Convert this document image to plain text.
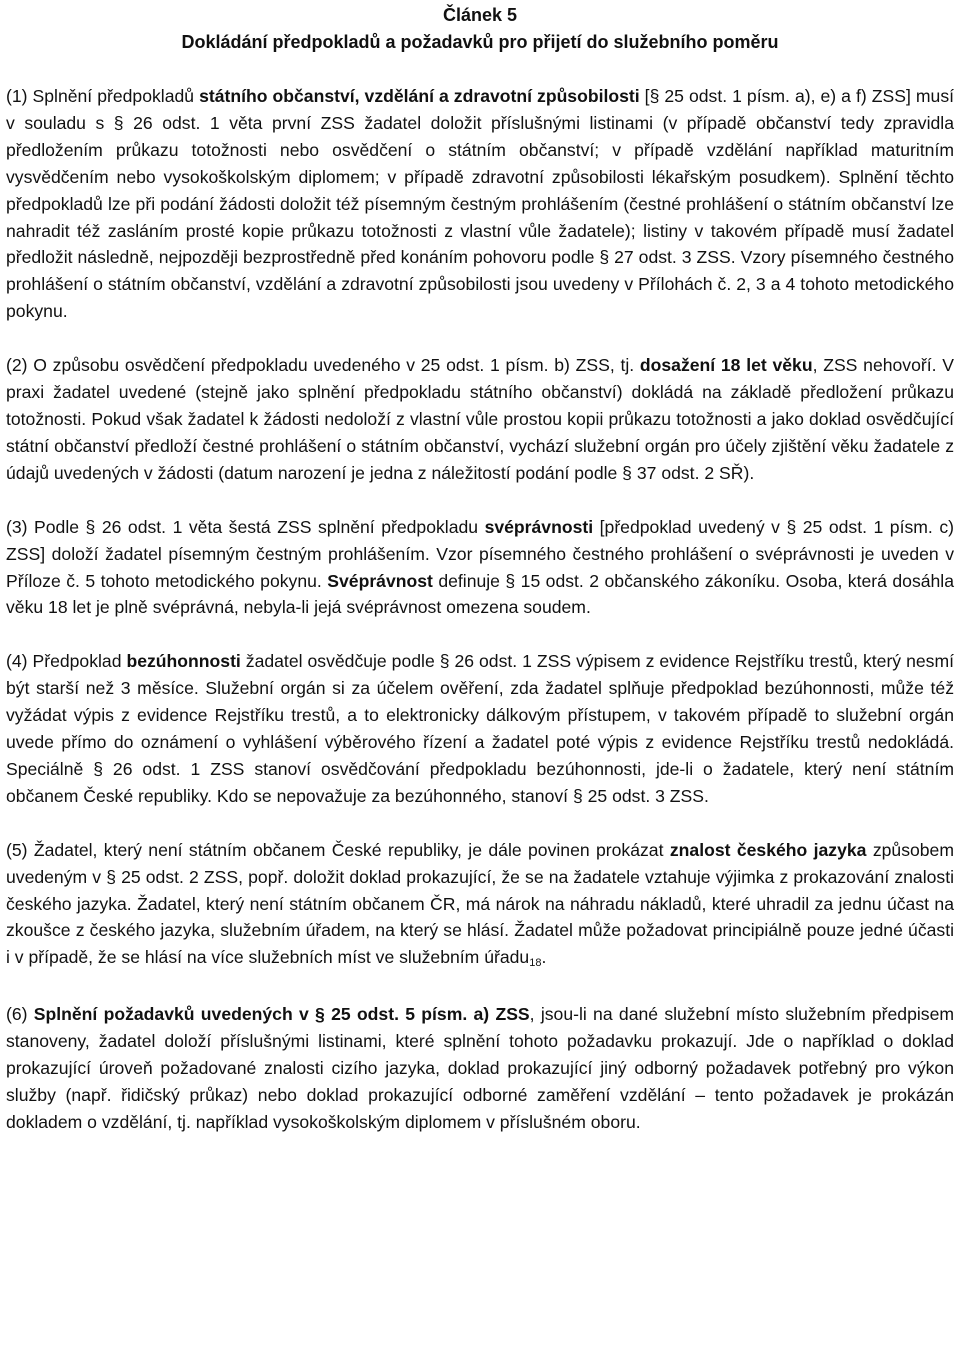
Článek 5
Dokládání předpokladů a požadavků pro přijetí do služebního poměru

(1) Splnění předpokladů státního občanství, vzdělání a zdravotní způsobilosti [§ 25 odst. 1 písm. a), e) a f) ZSS] musí v souladu s § 26 odst. 1 věta první ZSS žadatel doložit příslušnými listinami (v případě občanství tedy zpravidla předložením průkazu totožnosti nebo osvědčení o státním občanství; v případě vzdělání například maturitním vysvědčením nebo vysokoškolským diplomem; v případě zdravotní způsobilosti lékařským posudkem). Splnění těchto předpokladů lze při podání žádosti doložit též písemným čestným prohlášením (čestné prohlášení o státním občanství lze nahradit též zasláním prosté kopie průkazu totožnosti z vlastní vůle žadatele); listiny v takovém případě musí žadatel předložit následně, nejpozději bezprostředně před konáním pohovoru podle § 27 odst. 3 ZSS. Vzory písemného čestného prohlášení o státním občanství, vzdělání a zdravotní způsobilosti jsou uvedeny v Přílohách č. 2, 3 a 4 tohoto metodického pokynu.

(2) O způsobu osvědčení předpokladu uvedeného v 25 odst. 1 písm. b) ZSS, tj. dosažení 18 let věku, ZSS nehovoří. V praxi žadatel uvedené (stejně jako splnění předpokladu státního občanství) dokládá na základě předložení průkazu totožnosti. Pokud však žadatel k žádosti nedoloží z vlastní vůle prostou kopii průkazu totožnosti a jako doklad osvědčující státní občanství předloží čestné prohlášení o státním občanství, vychází služební orgán pro účely zjištění věku žadatele z údajů uvedených v žádosti (datum narození je jedna z náležitostí podání podle § 37 odst. 2 SŘ).

(3) Podle § 26 odst. 1 věta šestá ZSS splnění předpokladu svéprávnosti [předpoklad uvedený v § 25 odst. 1 písm. c) ZSS] doloží žadatel písemným čestným prohlášením. Vzor písemného čestného prohlášení o svéprávnosti je uveden v Příloze č. 5 tohoto metodického pokynu. Svéprávnost definuje § 15 odst. 2 občanského zákoníku. Osoba, která dosáhla věku 18 let je plně svéprávná, nebyla-li jejá svéprávnost omezena soudem.

(4) Předpoklad bezúhonnosti žadatel osvědčuje podle § 26 odst. 1 ZSS výpisem z evidence Rejstříku trestů, který nesmí být starší než 3 měsíce. Služební orgán si za účelem ověření, zda žadatel splňuje předpoklad bezúhonnosti, může též vyžádat výpis z evidence Rejstříku trestů, a to elektronicky dálkovým přístupem, v takovém případě to služební orgán uvede přímo do oznámení o vyhlášení výběrového řízení a žadatel poté výpis z evidence Rejstříku trestů nedokládá. Speciálně § 26 odst. 1 ZSS stanoví osvědčování předpokladu bezúhonnosti, jde-li o žadatele, který není státním občanem České republiky. Kdo se nepovažuje za bezúhonného, stanoví § 25 odst. 3 ZSS.

(5) Žadatel, který není státním občanem České republiky, je dále povinen prokázat znalost českého jazyka způsobem uvedeným v § 25 odst. 2 ZSS, popř. doložit doklad prokazující, že se na žadatele vztahuje výjimka z prokazování znalosti českého jazyka. Žadatel, který není státním občanem ČR, má nárok na náhradu nákladů, které uhradil za jednu účast na zkoušce z českého jazyka, služebním úřadem, na který se hlásí. Žadatel může požadovat principiálně pouze jedné účasti i v případě, že se hlásí na více služebních míst ve služebním úřadu$^{18}$.

(6) Splnění požadavků uvedených v § 25 odst. 5 písm. a) ZSS, jsou-li na dané služební místo služebním předpisem stanoveny, žadatel doloží příslušnými listinami, které splnění tohoto požadavku prokazují. Jde o například o doklad prokazující úroveň požadované znalosti cizího jazyka, doklad prokazující jiný odborný požadavek potřebný pro výkon služby (např. řidičský průkaz) nebo doklad prokazující odborné zaměření vzdělání – tento požadavek je prokázán dokladem o vzdělání, tj. například vysokoškolským diplomem v příslušném oboru.
